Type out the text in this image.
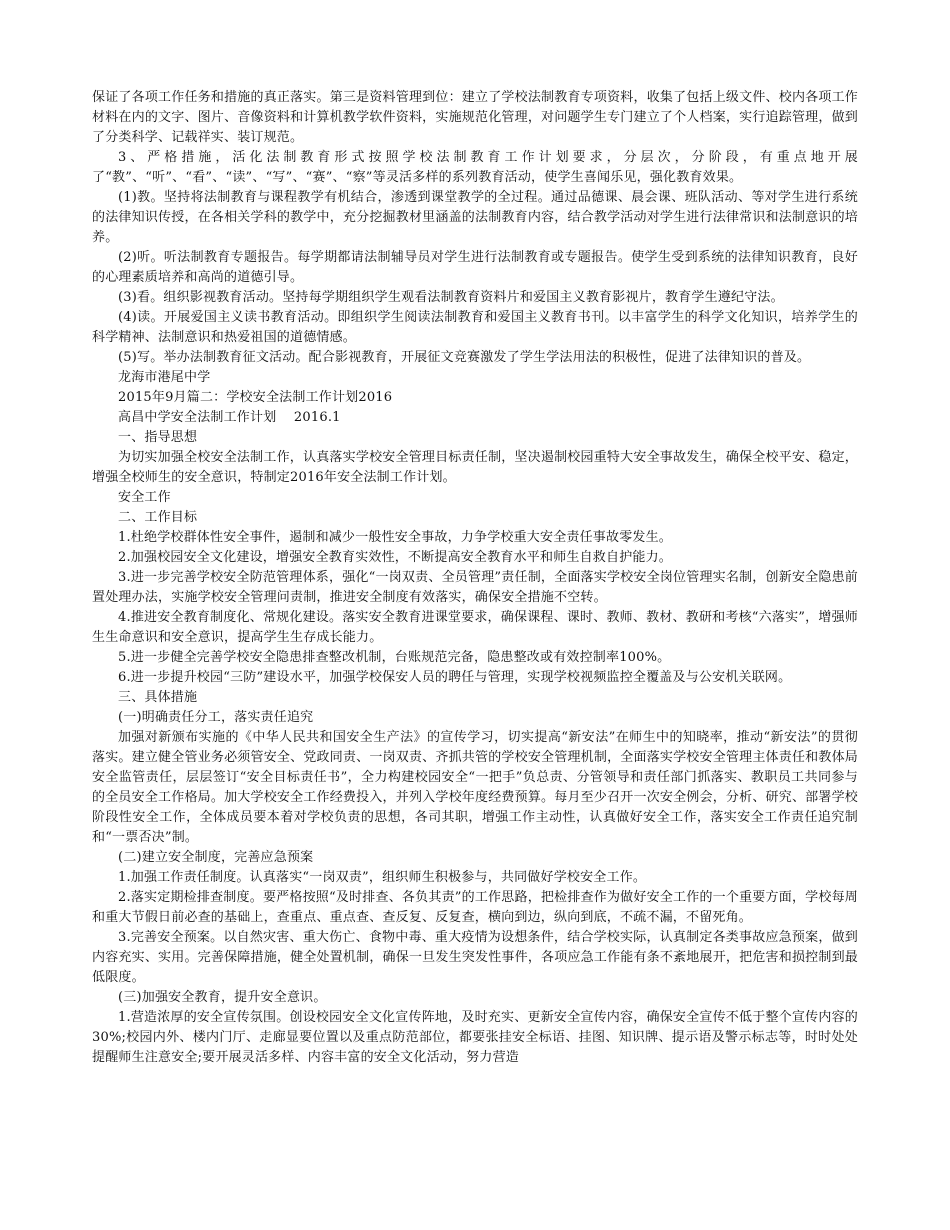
保证了各项工作任务和措施的真正落实。第三是资料管理到位：建立了学校法制教育专项资料，收集了包括上级文件、校内各项工作材料在内的文字、图片、音像资料和计算机教学软件资料，实施规范化管理，对问题学生专门建立了个人档案，实行追踪管理，做到了分类科学、记载祥实、装订规范。

3、严格措施，活化法制教育形式按照学校法制教育工作计划要求，分层次，分阶段，有重点地开展了“教”、“听”、“看”、“读”、“写”、“赛”、“察”等灵活多样的系列教育活动，使学生喜闻乐见，强化教育效果。

(1)教。坚持将法制教育与课程教学有机结合，渗透到课堂教学的全过程。通过品德课、晨会课、班队活动、等对学生进行系统的法律知识传授，在各相关学科的教学中，充分挖掘教材里涵盖的法制教育内容，结合教学活动对学生进行法律常识和法制意识的培养。

(2)听。听法制教育专题报告。每学期都请法制辅导员对学生进行法制教育或专题报告。使学生受到系统的法律知识教育，良好的心理素质培养和高尚的道德引导。

(3)看。组织影视教育活动。坚持每学期组织学生观看法制教育资料片和爱国主义教育影视片，教育学生遵纪守法。

(4)读。开展爱国主义读书教育活动。即组织学生阅读法制教育和爱国主义教育书刊。以丰富学生的科学文化知识，培养学生的科学精神、法制意识和热爱祖国的道德情感。

(5)写。举办法制教育征文活动。配合影视教育，开展征文竞赛激发了学生学法用法的积极性，促进了法律知识的普及。

龙海市港尾中学

2015年9月篇二：学校安全法制工作计划2016

高昌中学安全法制工作计划　 2016.1

一、指导思想

为切实加强全校安全法制工作，认真落实学校安全管理目标责任制，坚决遏制校园重特大安全事故发生，确保全校平安、稳定，增强全校师生的安全意识，特制定2016年安全法制工作计划。

安全工作

二、工作目标

1.杜绝学校群体性安全事件，遏制和减少一般性安全事故，力争学校重大安全责任事故零发生。

2.加强校园安全文化建设，增强安全教育实效性，不断提高安全教育水平和师生自救自护能力。

3.进一步完善学校安全防范管理体系，强化“一岗双责、全员管理”责任制，全面落实学校安全岗位管理实名制，创新安全隐患前置处理办法，实施学校安全管理问责制，推进安全制度有效落实，确保安全措施不空转。

4.推进安全教育制度化、常规化建设。落实安全教育进课堂要求，确保课程、课时、教师、教材、教研和考核“六落实”，增强师生生命意识和安全意识，提高学生生存成长能力。

5.进一步健全完善学校安全隐患排查整改机制，台账规范完备，隐患整改或有效控制率100%。

6.进一步提升校园“三防”建设水平，加强学校保安人员的聘任与管理，实现学校视频监控全覆盖及与公安机关联网。

三、具体措施

(一)明确责任分工，落实责任追究

加强对新颁布实施的《中华人民共和国安全生产法》的宣传学习，切实提高“新安法”在师生中的知晓率，推动“新安法”的贯彻落实。建立健全管业务必须管安全、党政同责、一岗双责、齐抓共管的学校安全管理机制，全面落实学校安全管理主体责任和教体局安全监管责任，层层签订“安全目标责任书”，全力构建校园安全“一把手”负总责、分管领导和责任部门抓落实、教职员工共同参与的全员安全工作格局。加大学校安全工作经费投入，并列入学校年度经费预算。每月至少召开一次安全例会，分析、研究、部署学校阶段性安全工作，全体成员要本着对学校负责的思想，各司其职，增强工作主动性，认真做好安全工作，落实安全工作责任追究制和“一票否决”制。

(二)建立安全制度，完善应急预案

1.加强工作责任制度。认真落实“一岗双责”，组织师生积极参与，共同做好学校安全工作。

2.落实定期检排查制度。要严格按照“及时排查、各负其责”的工作思路，把检排查作为做好安全工作的一个重要方面，学校每周和重大节假日前必查的基础上，查重点、重点查、查反复、反复查，横向到边，纵向到底，不疏不漏，不留死角。

3.完善安全预案。以自然灾害、重大伤亡、食物中毒、重大疫情为设想条件，结合学校实际，认真制定各类事故应急预案，做到内容充实、实用。完善保障措施，健全处置机制，确保一旦发生突发性事件，各项应急工作能有条不紊地展开，把危害和损控制到最低限度。

(三)加强安全教育，提升安全意识。

1.营造浓厚的安全宣传氛围。创设校园安全文化宣传阵地，及时充实、更新安全宣传内容，确保安全宣传不低于整个宣传内容的30%;校园内外、楼内门厅、走廊显要位置以及重点防范部位，都要张挂安全标语、挂图、知识牌、提示语及警示标志等，时时处处提醒师生注意安全;要开展灵活多样、内容丰富的安全文化活动，努力营造
